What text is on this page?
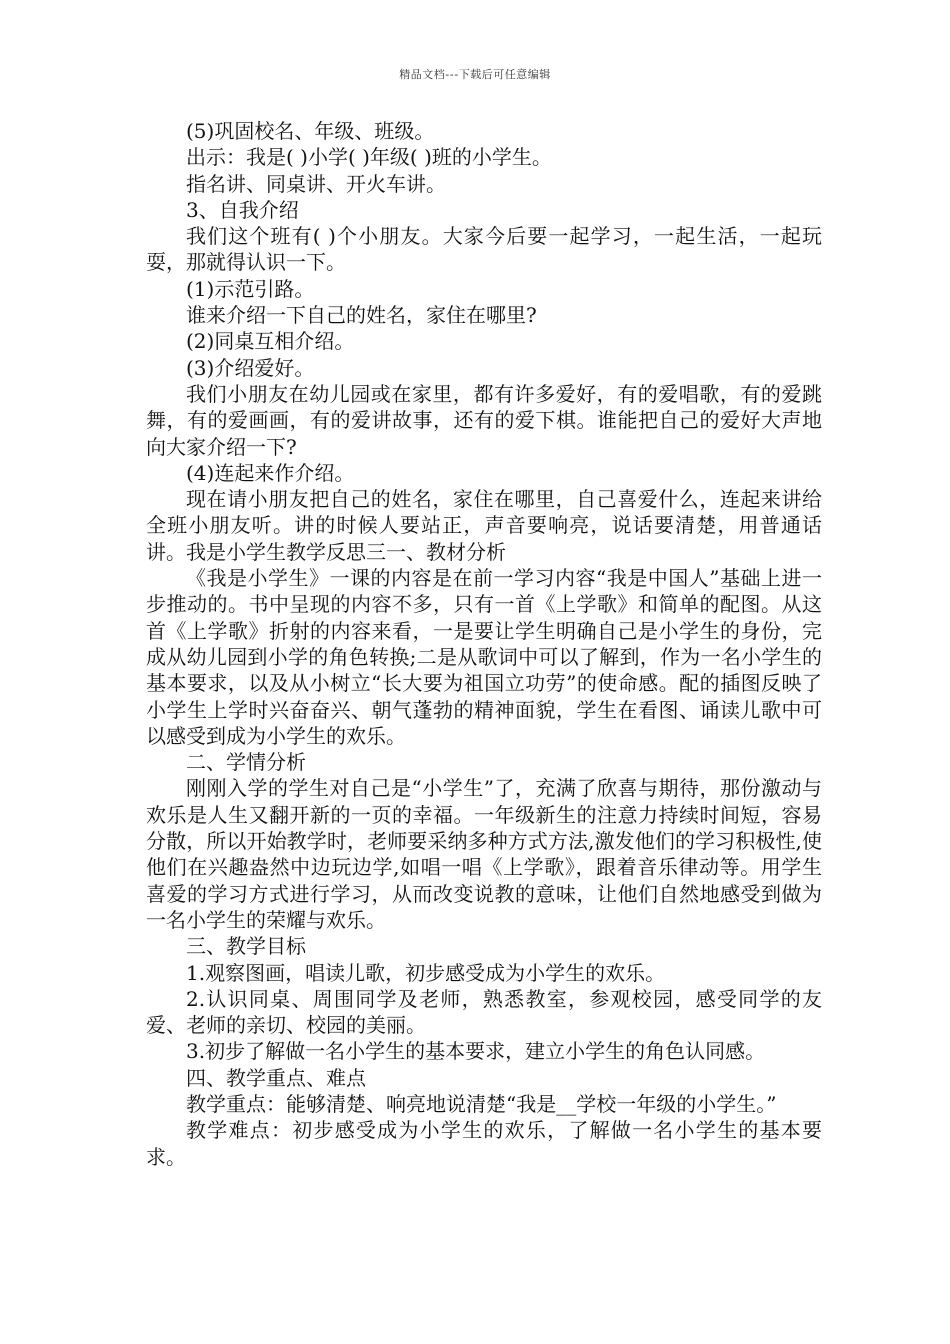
精品文档---下载后可任意编辑

(5)巩固校名、年级、班级。

出示：我是( )小学( )年级( )班的小学生。

指名讲、同桌讲、开火车讲。

3、自我介绍

我们这个班有( )个小朋友。大家今后要一起学习，一起生活，一起玩耍，那就得认识一下。

(1)示范引路。

谁来介绍一下自己的姓名，家住在哪里?

(2)同桌互相介绍。

(3)介绍爱好。

我们小朋友在幼儿园或在家里，都有许多爱好，有的爱唱歌，有的爱跳舞，有的爱画画，有的爱讲故事，还有的爱下棋。谁能把自己的爱好大声地向大家介绍一下?

(4)连起来作介绍。

现在请小朋友把自己的姓名，家住在哪里，自己喜爱什么，连起来讲给全班小朋友听。讲的时候人要站正，声音要响亮，说话要清楚，用普通话讲。我是小学生教学反思三一、教材分析

《我是小学生》一课的内容是在前一学习内容“我是中国人”基础上进一步推动的。书中呈现的内容不多，只有一首《上学歌》和简单的配图。从这首《上学歌》折射的内容来看，一是要让学生明确自己是小学生的身份，完成从幼儿园到小学的角色转换;二是从歌词中可以了解到，作为一名小学生的基本要求，以及从小树立“长大要为祖国立功劳”的使命感。配的插图反映了小学生上学时兴奋奋兴、朝气蓬勃的精神面貌，学生在看图、诵读儿歌中可以感受到成为小学生的欢乐。

二、学情分析

刚刚入学的学生对自己是“小学生”了，充满了欣喜与期待，那份激动与欢乐是人生又翻开新的一页的幸福。一年级新生的注意力持续时间短，容易分散，所以开始教学时，老师要采纳多种方式方法,激发他们的学习积极性,使他们在兴趣盎然中边玩边学,如唱一唱《上学歌》，跟着音乐律动等。用学生喜爱的学习方式进行学习，从而改变说教的意味，让他们自然地感受到做为一名小学生的荣耀与欢乐。

三、教学目标

1.观察图画，唱读儿歌，初步感受成为小学生的欢乐。

2.认识同桌、周围同学及老师，熟悉教室，参观校园，感受同学的友爱、老师的亲切、校园的美丽。

3.初步了解做一名小学生的基本要求，建立小学生的角色认同感。

四、教学重点、难点

教学重点：能够清楚、响亮地说清楚“我是__学校一年级的小学生。”

教学难点：初步感受成为小学生的欢乐，了解做一名小学生的基本要求。
